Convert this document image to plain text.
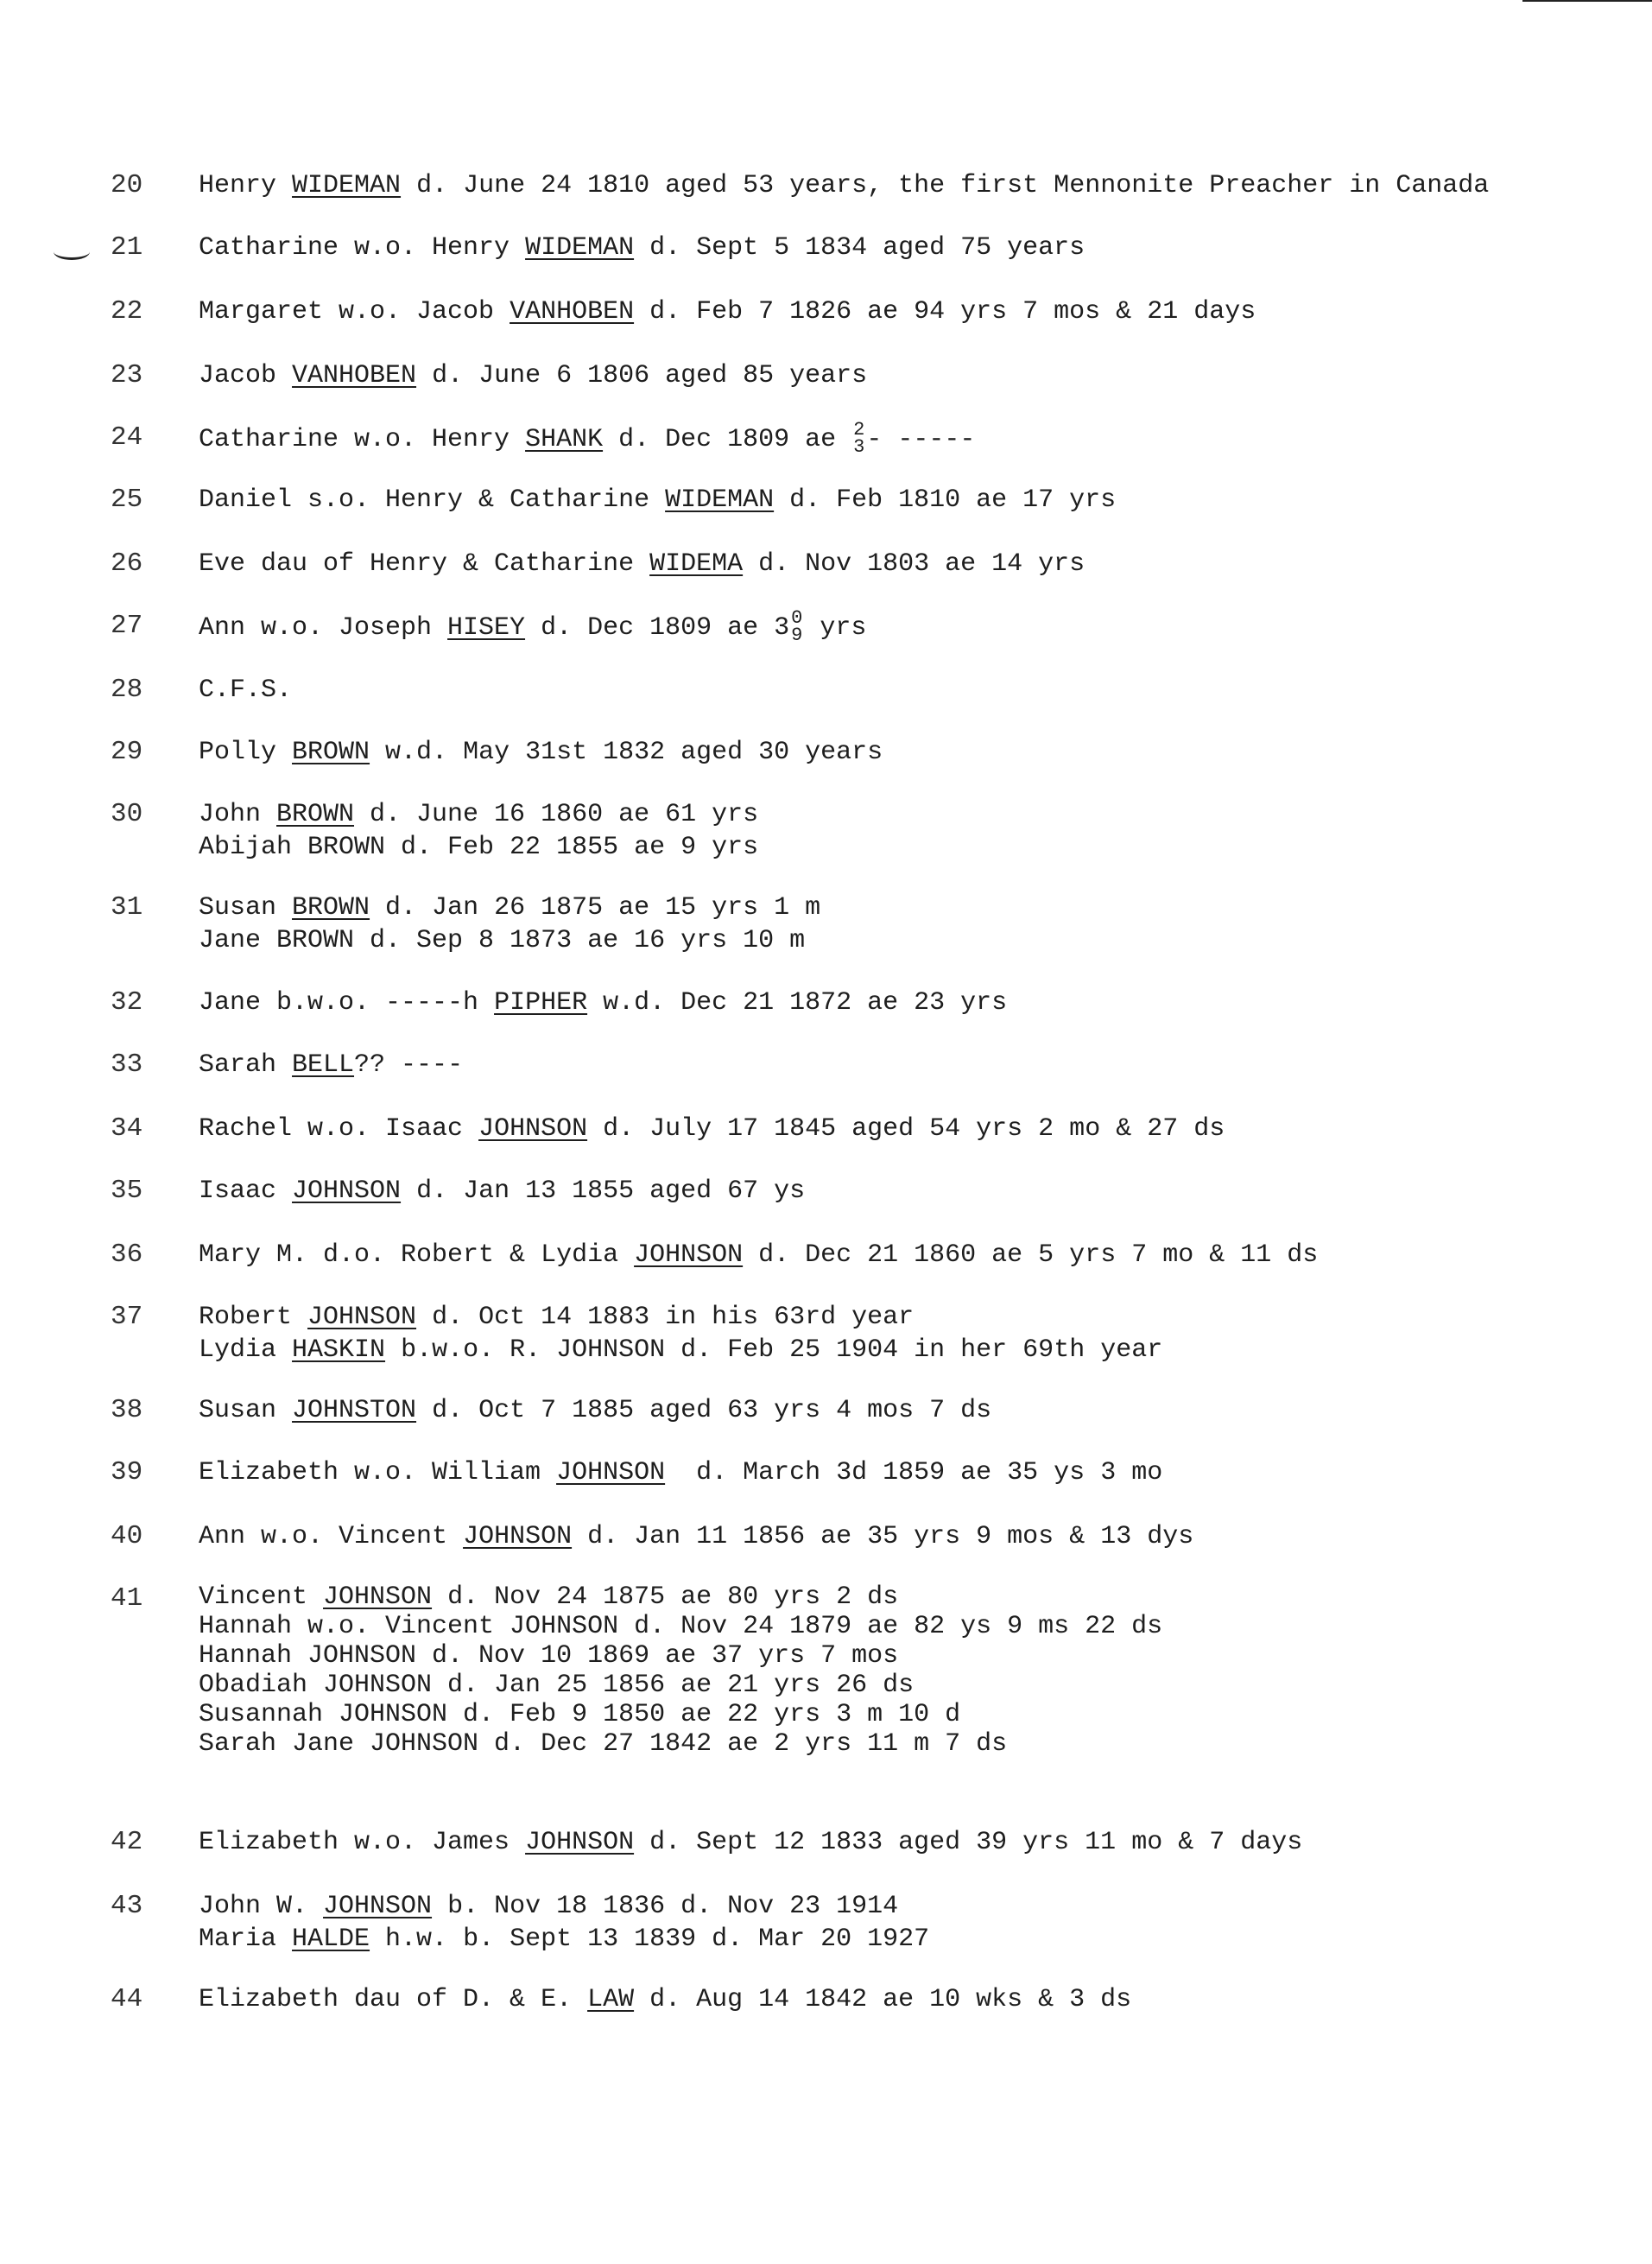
20	Henry WIDEMAN d. June 24 1810 aged 53 years, the first Mennonite Preacher in Canada
21	Catharine w.o. Henry WIDEMAN d. Sept 5 1834 aged 75 years
22	Margaret w.o. Jacob VANHOBEN d. Feb 7 1826 ae 94 yrs 7 mos & 21 days
23	Jacob VANHOBEN d. June 6 1806 aged 85 years
24	Catharine w.o. Henry SHANK d. Dec 1809 ae 2
3 - -----
25	Daniel s.o. Henry & Catharine WIDEMAN d. Feb 1810 ae 17 yrs
26	Eve dau of Henry & Catharine WIDEMA d. Nov 1803 ae 14 yrs
27	Ann w.o. Joseph HISEY d. Dec 1809 ae 3 0
9 yrs
28	C.F.S.
29	Polly BROWN w.d. May 31st 1832 aged 30 years
30	John BROWN d. June 16 1860 ae 61 yrs
Abijah BROWN d. Feb 22 1855 ae 9 yrs
31	Susan BROWN d. Jan 26 1875 ae 15 yrs 1 m
Jane BROWN d. Sep 8 1873 ae 16 yrs 10 m
32	Jane b.w.o. -----h PIPHER w.d. Dec 21 1872 ae 23 yrs
33	Sarah BELL?? ----
34	Rachel w.o. Isaac JOHNSON d. July 17 1845 aged 54 yrs 2 mo & 27 ds
35	Isaac JOHNSON d. Jan 13 1855 aged 67 ys
36	Mary M. d.o. Robert & Lydia JOHNSON d. Dec 21 1860 ae 5 yrs 7 mo & 11 ds
37	Robert JOHNSON d. Oct 14 1883 in his 63rd year
Lydia HASKIN b.w.o. R. JOHNSON d. Feb 25 1904 in her 69th year
38	Susan JOHNSTON d. Oct 7 1885 aged 63 yrs 4 mos 7 ds
39	Elizabeth w.o. William JOHNSON  d. March 3d 1859 ae 35 ys 3 mo
40	Ann w.o. Vincent JOHNSON d. Jan 11 1856 ae 35 yrs 9 mos & 13 dys
41	Vincent JOHNSON d. Nov 24 1875 ae 80 yrs 2 ds
Hannah w.o. Vincent JOHNSON d. Nov 24 1879 ae 82 ys 9 ms 22 ds
Hannah JOHNSON d. Nov 10 1869 ae 37 yrs 7 mos
Obadiah JOHNSON d. Jan 25 1856 ae 21 yrs 26 ds
Susannah JOHNSON d. Feb 9 1850 ae 22 yrs 3 m 10 d
Sarah Jane JOHNSON d. Dec 27 1842 ae 2 yrs 11 m 7 ds
42	Elizabeth w.o. James JOHNSON d. Sept 12 1833 aged 39 yrs 11 mo & 7 days
43	John W. JOHNSON b. Nov 18 1836 d. Nov 23 1914
Maria HALDE h.w. b. Sept 13 1839 d. Mar 20 1927
44	Elizabeth dau of D. & E. LAW d. Aug 14 1842 ae 10 wks & 3 ds
